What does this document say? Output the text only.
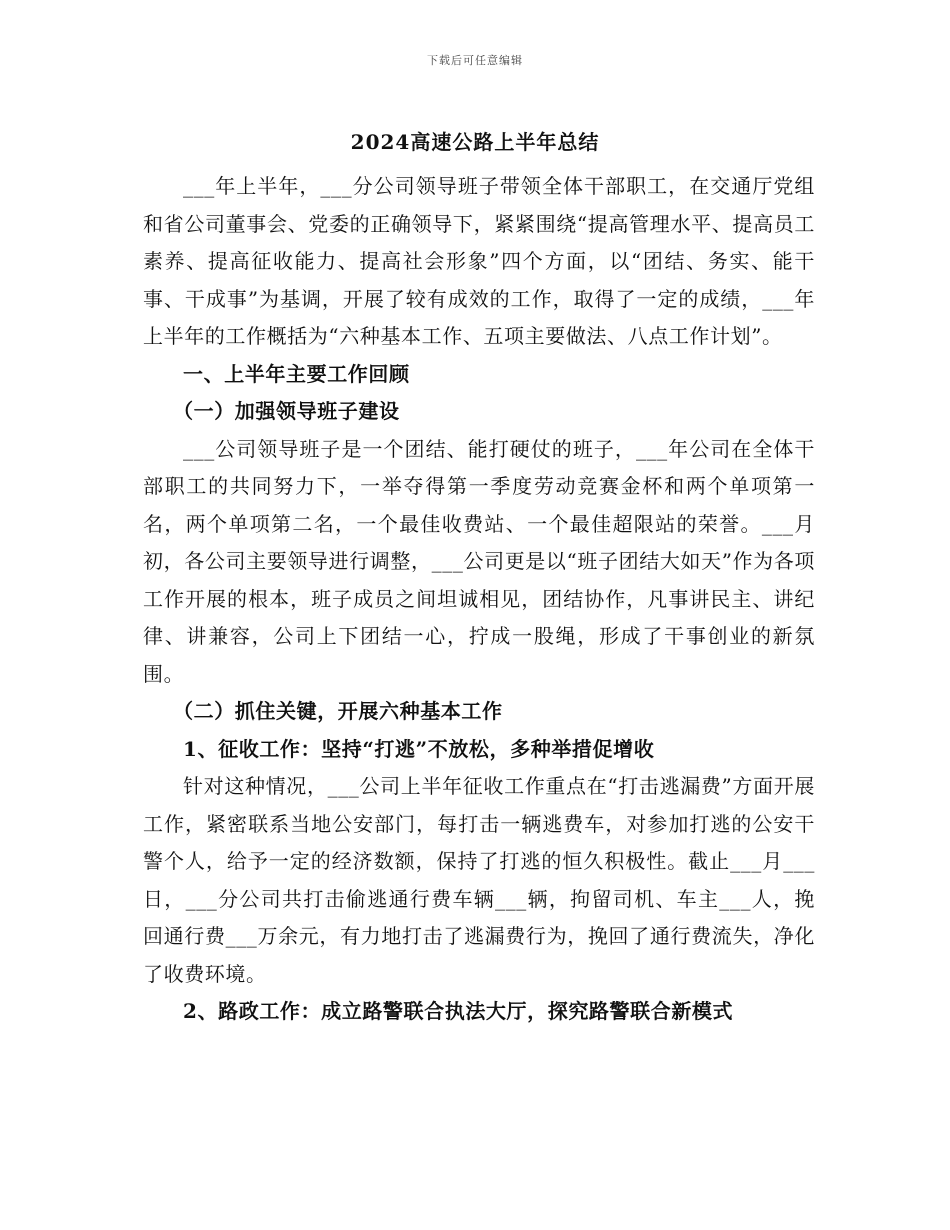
下载后可任意编辑
2024高速公路上半年总结

___年上半年，___分公司领导班子带领全体干部职工，在交通厅党组和省公司董事会、党委的正确领导下，紧紧围绕“提高管理水平、提高员工素养、提高征收能力、提高社会形象”四个方面，以“团结、务实、能干事、干成事”为基调，开展了较有成效的工作，取得了一定的成绩，___年上半年的工作概括为“六种基本工作、五项主要做法、八点工作计划”。

一、上半年主要工作回顾

（一）加强领导班子建设

___公司领导班子是一个团结、能打硬仗的班子，___年公司在全体干部职工的共同努力下，一举夺得第一季度劳动竞赛金杯和两个单项第一名，两个单项第二名，一个最佳收费站、一个最佳超限站的荣誉。___月初，各公司主要领导进行调整，___公司更是以“班子团结大如天”作为各项工作开展的根本，班子成员之间坦诚相见，团结协作，凡事讲民主、讲纪律、讲兼容，公司上下团结一心，拧成一股绳，形成了干事创业的新氛围。

（二）抓住关键，开展六种基本工作

1、征收工作：坚持“打逃”不放松，多种举措促增收

针对这种情况，___公司上半年征收工作重点在“打击逃漏费”方面开展工作，紧密联系当地公安部门，每打击一辆逃费车，对参加打逃的公安干警个人，给予一定的经济数额，保持了打逃的恒久积极性。截止___月___日，___分公司共打击偷逃通行费车辆___辆，拘留司机、车主___人，挽回通行费___万余元，有力地打击了逃漏费行为，挽回了通行费流失，净化了收费环境。

2、路政工作：成立路警联合执法大厅，探究路警联合新模式
